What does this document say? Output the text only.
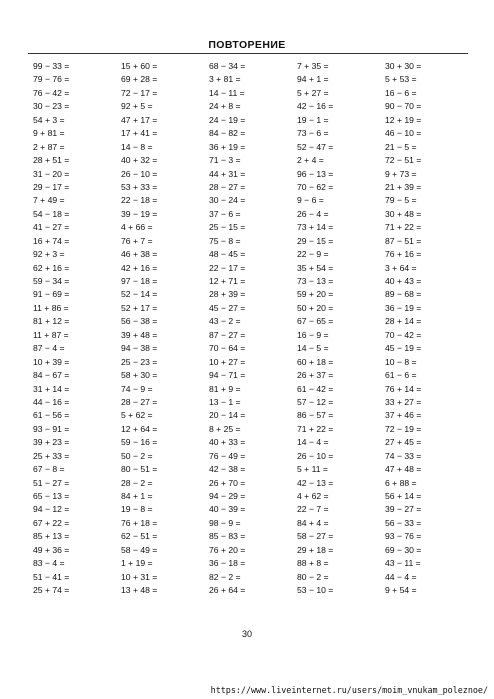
ПОВТОРЕНИЕ
99 − 33 =
79 − 76 =
76 − 42 =
30 − 23 =
54 + 3 =
9 + 81 =
2 + 87 =
28 + 51 =
31 − 20 =
29 − 17 =
7 + 49 =
54 − 18 =
41 − 27 =
16 + 74 =
92 + 3 =
62 + 16 =
59 − 34 =
91 − 69 =
11 + 86 =
81 + 12 =
11 + 87 =
87 − 4 =
10 + 39 =
84 − 67 =
31 + 14 =
44 − 16 =
61 − 56 =
93 − 91 =
39 + 23 =
25 + 33 =
67 − 8 =
51 − 27 =
65 − 13 =
94 − 12 =
67 + 22 =
85 + 13 =
49 + 36 =
83 − 4 =
51 − 41 =
25 + 74 =
15 + 60 =
69 + 28 =
72 − 17 =
92 + 5 =
47 + 17 =
17 + 41 =
14 − 8 =
40 + 32 =
26 − 10 =
53 + 33 =
22 − 18 =
39 − 19 =
4 + 66 =
76 + 7 =
46 + 38 =
42 + 16 =
97 − 18 =
52 − 14 =
52 + 17 =
56 − 38 =
39 + 48 =
94 − 38 =
25 − 23 =
58 + 30 =
74 − 9 =
28 − 27 =
5 + 62 =
12 + 64 =
59 − 16 =
50 − 2 =
80 − 51 =
28 − 2 =
84 + 1 =
19 − 8 =
76 + 18 =
62 − 51 =
58 − 49 =
1 + 19 =
10 + 31 =
13 + 48 =
68 − 34 =
3 + 81 =
14 − 11 =
24 + 8 =
24 − 19 =
84 − 82 =
36 + 19 =
71 − 3 =
44 + 31 =
28 − 27 =
30 − 24 =
37 − 6 =
25 − 15 =
75 − 8 =
48 − 45 =
22 − 17 =
12 + 71 =
28 + 39 =
45 − 27 =
43 − 2 =
87 − 27 =
70 − 64 =
10 + 27 =
94 − 71 =
81 + 9 =
13 − 1 =
20 − 14 =
8 + 25 =
40 + 33 =
76 − 49 =
42 − 38 =
26 + 70 =
94 − 29 =
40 − 39 =
98 − 9 =
85 − 83 =
76 + 20 =
36 − 18 =
82 − 2 =
26 + 64 =
7 + 35 =
94 + 1 =
5 + 27 =
42 − 16 =
19 − 1 =
73 − 6 =
52 − 47 =
2 + 4 =
96 − 13 =
70 − 62 =
9 − 6 =
26 − 4 =
73 + 14 =
29 − 15 =
22 − 9 =
35 + 54 =
73 − 13 =
59 + 20 =
50 + 20 =
67 − 65 =
16 − 9 =
14 − 5 =
60 + 18 =
26 + 37 =
61 − 42 =
57 − 12 =
86 − 57 =
71 + 22 =
14 − 4 =
26 − 10 =
5 + 11 =
42 − 13 =
4 + 62 =
22 − 7 =
84 + 4 =
58 − 27 =
29 + 18 =
88 + 8 =
80 − 2 =
53 − 10 =
30 + 30 =
5 + 53 =
16 − 6 =
90 − 70 =
12 + 19 =
46 − 10 =
21 − 5 =
72 − 51 =
9 + 73 =
21 + 39 =
79 − 5 =
30 + 48 =
71 + 22 =
87 − 51 =
76 + 16 =
3 + 64 =
40 + 43 =
89 − 68 =
36 − 19 =
28 + 14 =
70 − 42 =
45 − 19 =
10 − 8 =
61 − 6 =
76 + 14 =
33 + 27 =
37 + 46 =
72 − 19 =
27 + 45 =
74 − 33 =
47 + 48 =
6 + 88 =
56 + 14 =
39 − 27 =
56 − 33 =
93 − 76 =
69 − 30 =
43 − 11 =
44 − 4 =
9 + 54 =
30
https://www.liveinternet.ru/users/moim_vnukam_poleznoe/
